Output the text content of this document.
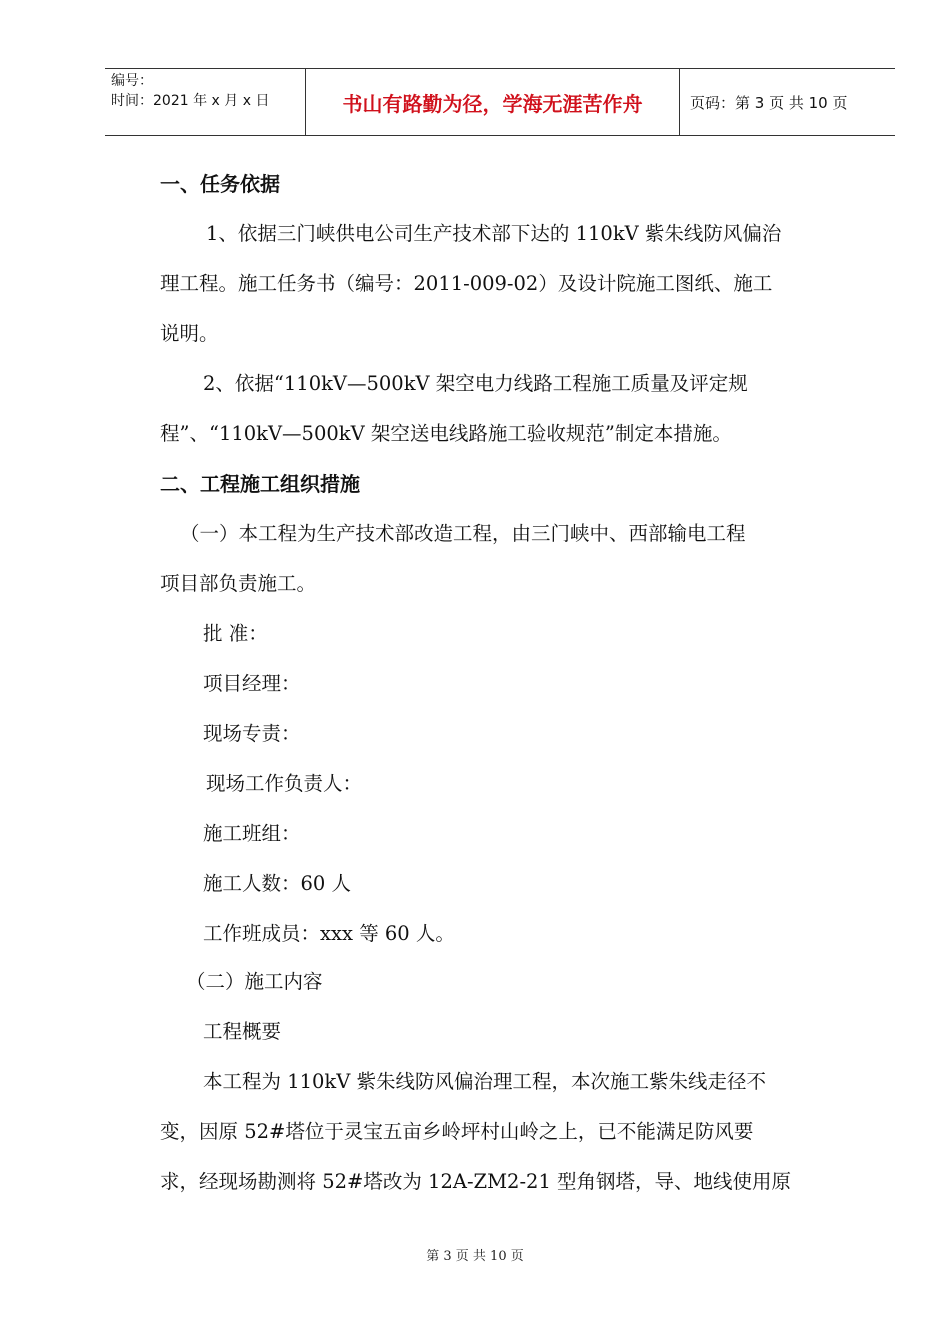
编号：
时间：2021 年 x 月 x 日	书山有路勤为径，学海无涯苦作舟	页码：第 3 页 共 10 页
一、任务依据
1、依据三门峡供电公司生产技术部下达的 110kV 紫朱线防风偏治
理工程。施工任务书（编号：2011-009-02）及设计院施工图纸、施工
说明。
2、依据“110kV—500kV 架空电力线路工程施工质量及评定规
程”、“110kV—500kV 架空送电线路施工验收规范”制定本措施。
二、工程施工组织措施
（一）本工程为生产技术部改造工程，由三门峡中、西部输电工程
项目部负责施工。
批 准：
项目经理：
现场专责：
现场工作负责人：
施工班组：
施工人数：60 人
工作班成员：xxx 等 60 人。
（二）施工内容
工程概要
本工程为 110kV 紫朱线防风偏治理工程，本次施工紫朱线走径不
变，因原 52#塔位于灵宝五亩乡岭坪村山岭之上，已不能满足防风要
求，经现场勘测将 52#塔改为 12A-ZM2-21 型角钢塔，导、地线使用原
第 3 页 共 10 页
